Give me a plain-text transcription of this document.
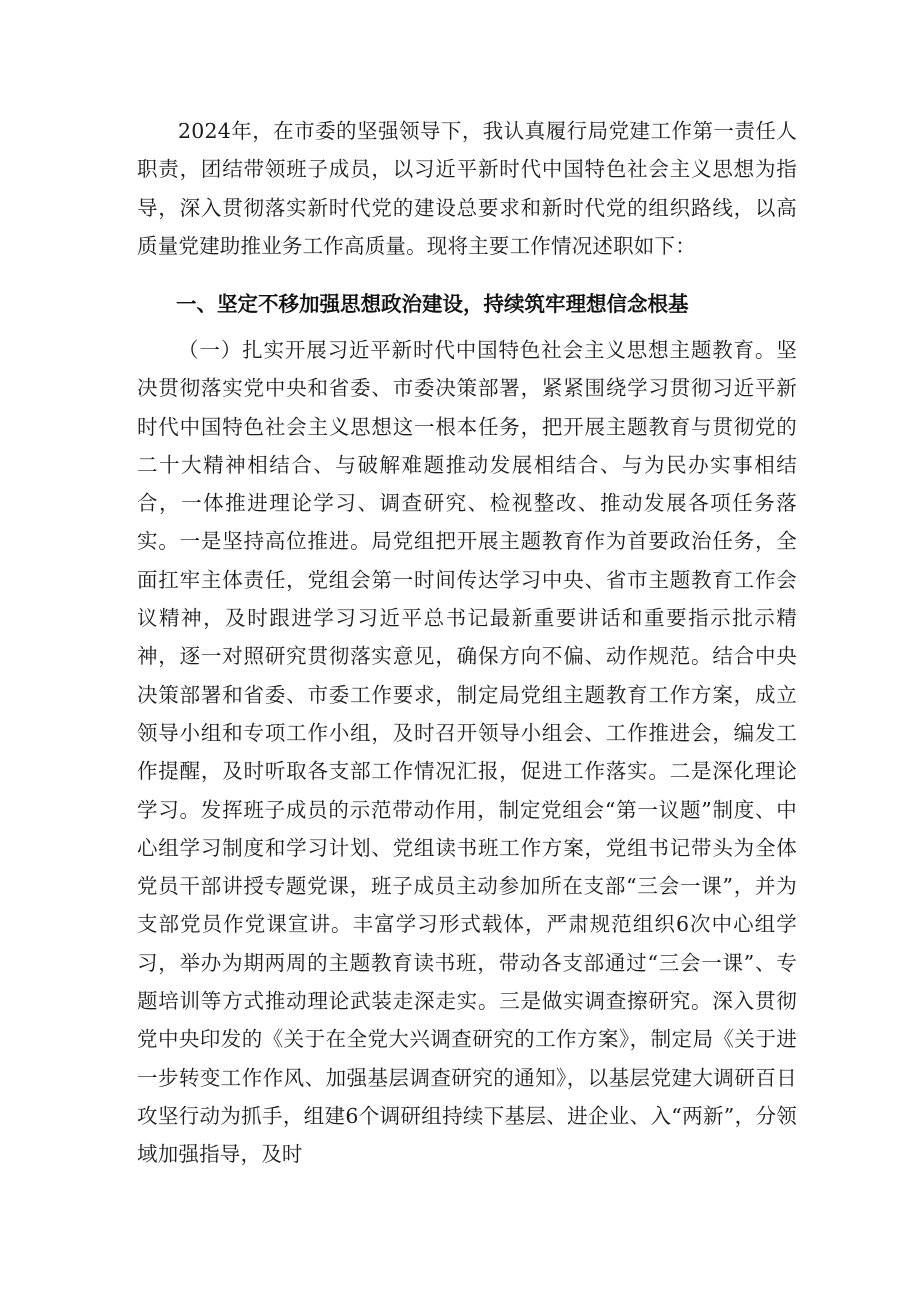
2024年，在市委的坚强领导下，我认真履行局党建工作第一责任人职责，团结带领班子成员，以习近平新时代中国特色社会主义思想为指导，深入贯彻落实新时代党的建设总要求和新时代党的组织路线，以高质量党建助推业务工作高质量。现将主要工作情况述职如下：

一、坚定不移加强思想政治建设，持续筑牢理想信念根基

（一）扎实开展习近平新时代中国特色社会主义思想主题教育。坚决贯彻落实党中央和省委、市委决策部署，紧紧围绕学习贯彻习近平新时代中国特色社会主义思想这一根本任务，把开展主题教育与贯彻党的二十大精神相结合、与破解难题推动发展相结合、与为民办实事相结合，一体推进理论学习、调查研究、检视整改、推动发展各项任务落实。一是坚持高位推进。局党组把开展主题教育作为首要政治任务，全面扛牢主体责任，党组会第一时间传达学习中央、省市主题教育工作会议精神，及时跟进学习习近平总书记最新重要讲话和重要指示批示精神，逐一对照研究贯彻落实意见，确保方向不偏、动作规范。结合中央决策部署和省委、市委工作要求，制定局党组主题教育工作方案，成立领导小组和专项工作小组，及时召开领导小组会、工作推进会，编发工作提醒，及时听取各支部工作情况汇报，促进工作落实。二是深化理论学习。发挥班子成员的示范带动作用，制定党组会“第一议题”制度、中心组学习制度和学习计划、党组读书班工作方案，党组书记带头为全体党员干部讲授专题党课，班子成员主动参加所在支部“三会一课”，并为支部党员作党课宣讲。丰富学习形式载体，严肃规范组织6次中心组学习，举办为期两周的主题教育读书班，带动各支部通过“三会一课”、专题培训等方式推动理论武装走深走实。三是做实调查擦研究。深入贯彻党中央印发的《关于在全党大兴调查研究的工作方案》，制定局《关于进一步转变工作作风、加强基层调查研究的通知》，以基层党建大调研百日攻坚行动为抓手，组建6个调研组持续下基层、进企业、入“两新”，分领域加强指导，及时
